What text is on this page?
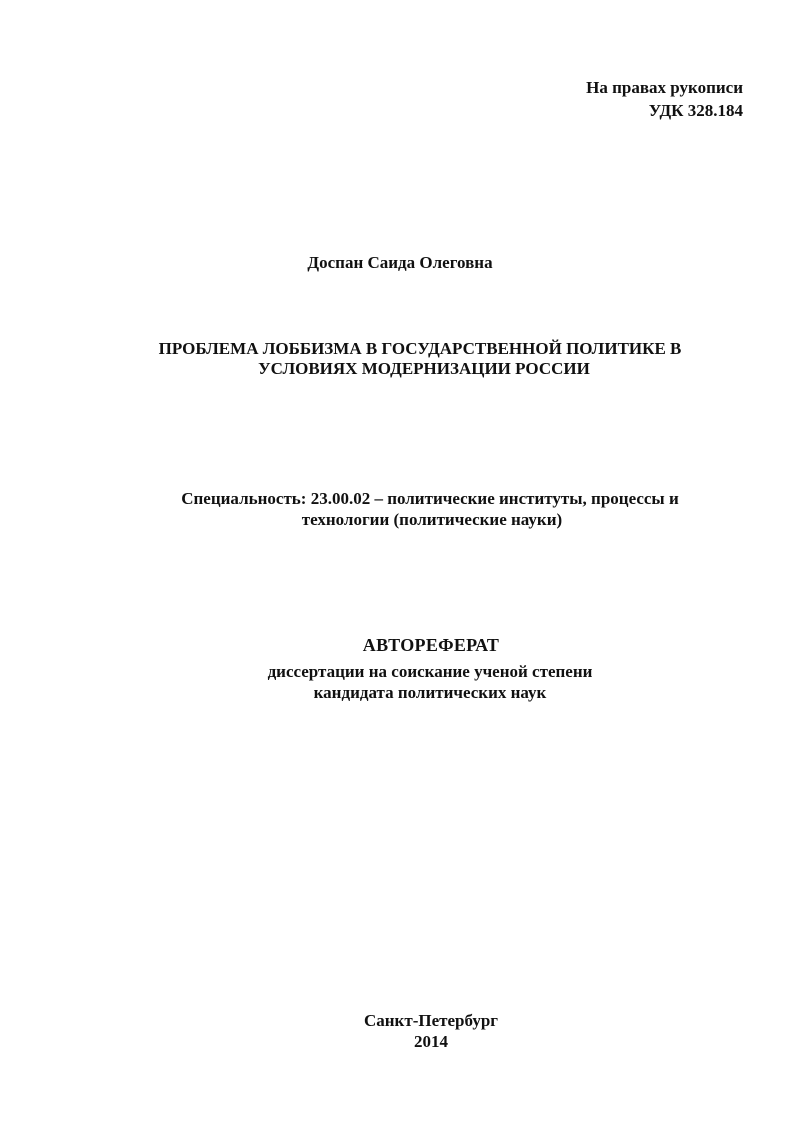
На правах рукописи

УДК 328.184

Доспан Саида Олеговна

ПРОБЛЕМА ЛОББИЗМА В ГОСУДАРСТВЕННОЙ ПОЛИТИКЕ В

УСЛОВИЯХ МОДЕРНИЗАЦИИ РОССИИ

Специальность: 23.00.02 – политические институты, процессы и

технологии (политические науки)

АВТОРЕФЕРАТ

диссертации на соискание ученой степени

кандидата политических наук

Санкт-Петербург

2014
